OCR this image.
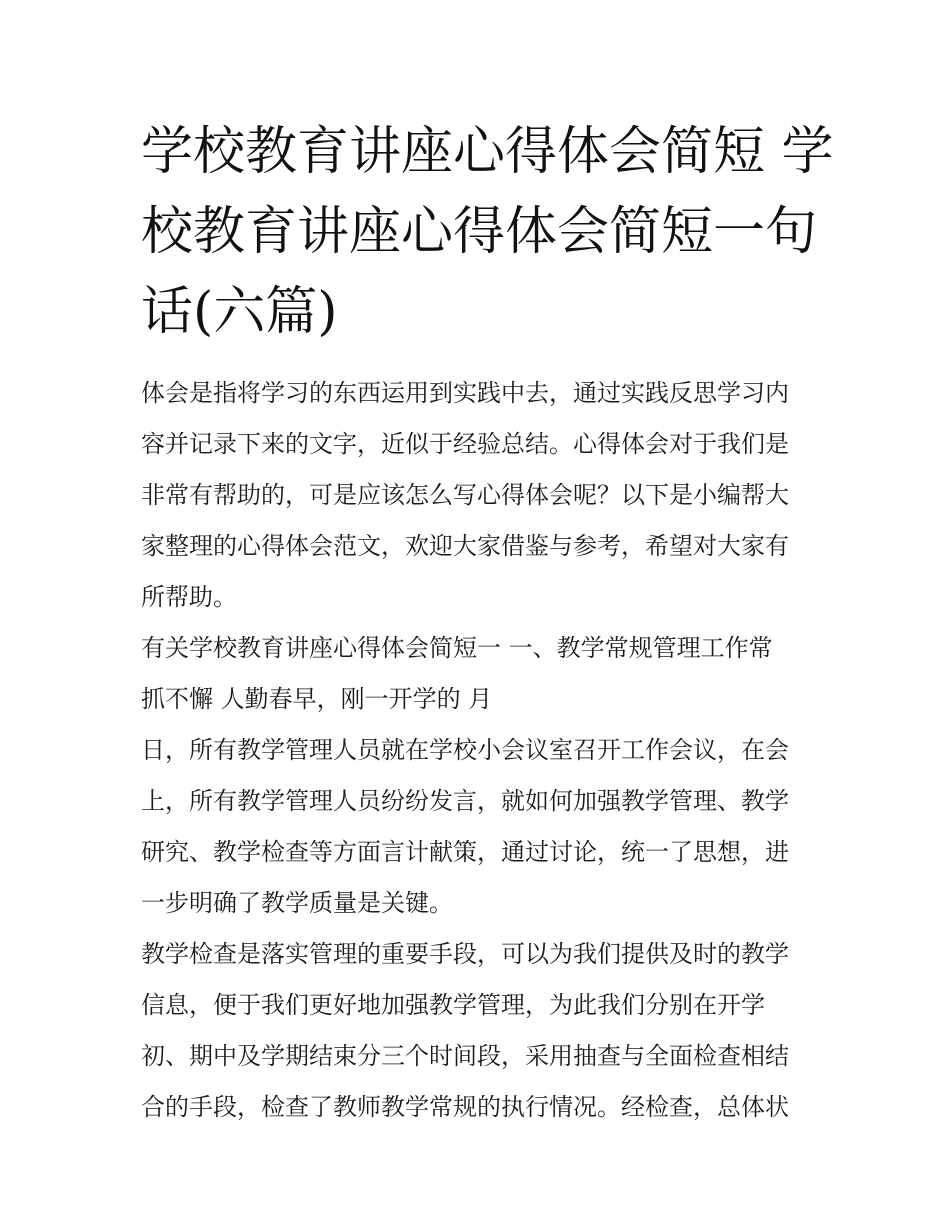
学校教育讲座心得体会简短 学
校教育讲座心得体会简短一句
话(六篇)
体会是指将学习的东西运用到实践中去，通过实践反思学习内
容并记录下来的文字，近似于经验总结。心得体会对于我们是
非常有帮助的，可是应该怎么写心得体会呢？以下是小编帮大
家整理的心得体会范文，欢迎大家借鉴与参考，希望对大家有
所帮助。
有关学校教育讲座心得体会简短一 一、教学常规管理工作常
抓不懈 人勤春早，刚一开学的 月
日，所有教学管理人员就在学校小会议室召开工作会议，在会
上，所有教学管理人员纷纷发言，就如何加强教学管理、教学
研究、教学检查等方面言计献策，通过讨论，统一了思想，进
一步明确了教学质量是关键。
教学检查是落实管理的重要手段，可以为我们提供及时的教学
信息，便于我们更好地加强教学管理，为此我们分别在开学
初、期中及学期结束分三个时间段，采用抽查与全面检查相结
合的手段，检查了教师教学常规的执行情况。经检查，总体状
